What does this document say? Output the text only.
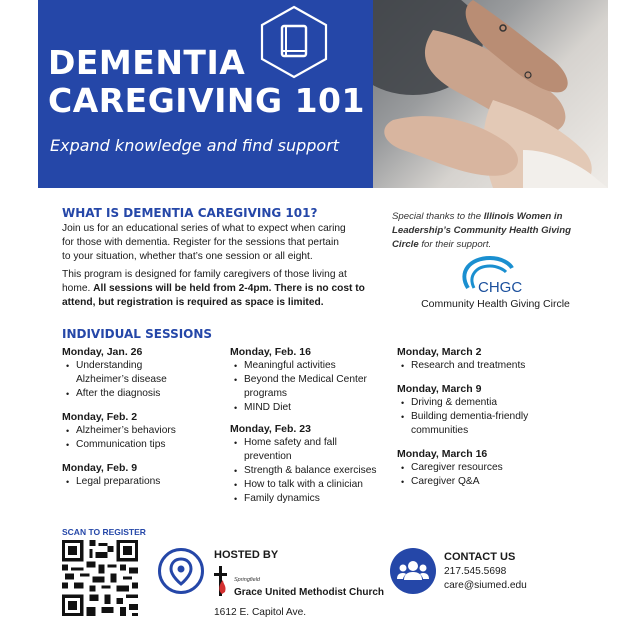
DEMENTIA
CAREGIVING 101
Expand knowledge and find support
WHAT IS DEMENTIA CAREGIVING 101?
Join us for an educational series of what to expect when caring
for those with dementia. Register for the sessions that pertain
to your situation, whether that’s one session or all eight.
This program is designed for family caregivers of those living at
home. All sessions will be held from 2-4pm. There is no cost to
attend, but registration is required as space is limited.
Special thanks to the Illinois Women in
Leadership’s Community Health Giving
Circle for their support.
CHGC
Community Health Giving Circle
INDIVIDUAL SESSIONS
Monday, Jan. 26
• Understanding
Alzheimer’s disease
• After the diagnosis
Monday, Feb. 2
• Alzheimer’s behaviors
• Communication tips
Monday, Feb. 9
• Legal preparations
Monday, Feb. 16
• Meaningful activities
• Beyond the Medical Center
programs
• MIND Diet
Monday, Feb. 23
• Home safety and fall
prevention
• Strength & balance exercises
• How to talk with a clinician
• Family dynamics
Monday, March 2
• Research and treatments
Monday, March 9
• Driving & dementia
• Building dementia-friendly
communities
Monday, March 16
• Caregiver resources
• Caregiver Q&A
SCAN TO REGISTER
HOSTED BY
Springfield
Grace United Methodist Church
1612 E. Capitol Ave.
CONTACT US
217.545.5698
care@siumed.edu
